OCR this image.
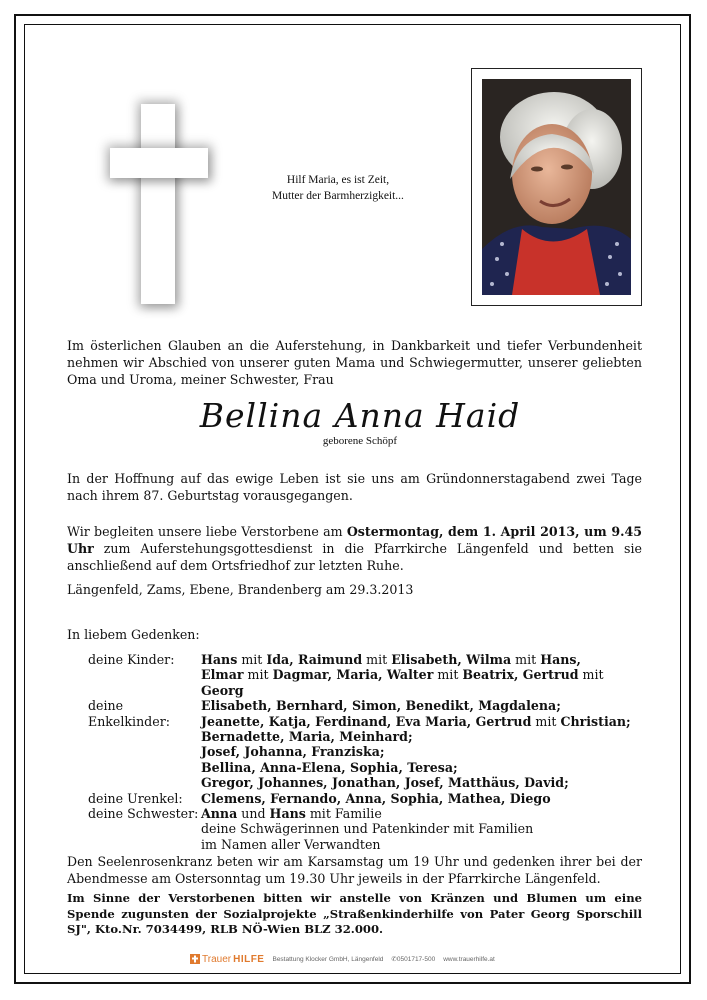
Hilf Maria, es ist Zeit,
Mutter der Barmherzigkeit...
Im österlichen Glauben an die Auferstehung, in Dankbarkeit und tiefer Verbundenheit nehmen wir Abschied von unserer guten Mama und Schwiegermutter, unserer geliebten Oma und Uroma, meiner Schwester, Frau
Bellina Anna Haid
geborene Schöpf
In der Hoffnung auf das ewige Leben ist sie uns am Gründonnerstagabend zwei Tage nach ihrem 87. Geburtstag vorausgegangen.
Wir begleiten unsere liebe Verstorbene am Ostermontag, dem 1. April 2013, um 9.45 Uhr zum Auferstehungsgottesdienst in die Pfarrkirche Längenfeld und betten sie anschließend auf dem Ortsfriedhof zur letzten Ruhe.
Längenfeld, Zams, Ebene, Brandenberg am 29.3.2013
In liebem Gedenken:
deine Kinder:	Hans mit Ida, Raimund mit Elisabeth, Wilma mit Hans,
Elmar mit Dagmar, Maria, Walter mit Beatrix, Gertrud mit Georg
deine Enkelkinder:
Elisabeth, Bernhard, Simon, Benedikt, Magdalena;
Jeanette, Katja, Ferdinand, Eva Maria, Gertrud mit Christian;
Bernadette, Maria, Meinhard;
Josef, Johanna, Franziska;
Bellina, Anna-Elena, Sophia, Teresa;
Gregor, Johannes, Jonathan, Josef, Matthäus, David;
deine Urenkel:	Clemens, Fernando, Anna, Sophia, Mathea, Diego
deine Schwester: Anna und Hans mit Familie
deine Schwägerinnen und Patenkinder mit Familien
im Namen aller Verwandten
Den Seelenrosenkranz beten wir am Karsamstag um 19 Uhr und gedenken ihrer bei der Abendmesse am Ostersonntag um 19.30 Uhr jeweils in der Pfarrkirche Längenfeld.
Im Sinne der Verstorbenen bitten wir anstelle von Kränzen und Blumen um eine Spende zugunsten der Sozialprojekte „Straßenkinderhilfe von Pater Georg Sporschill SJ", Kto.Nr. 7034499, RLB NÖ-Wien BLZ 32.000.
Trauer HILFE Bestattung Klocker GmbH, Längenfeld ✆0501717-500 www.trauerhilfe.at
